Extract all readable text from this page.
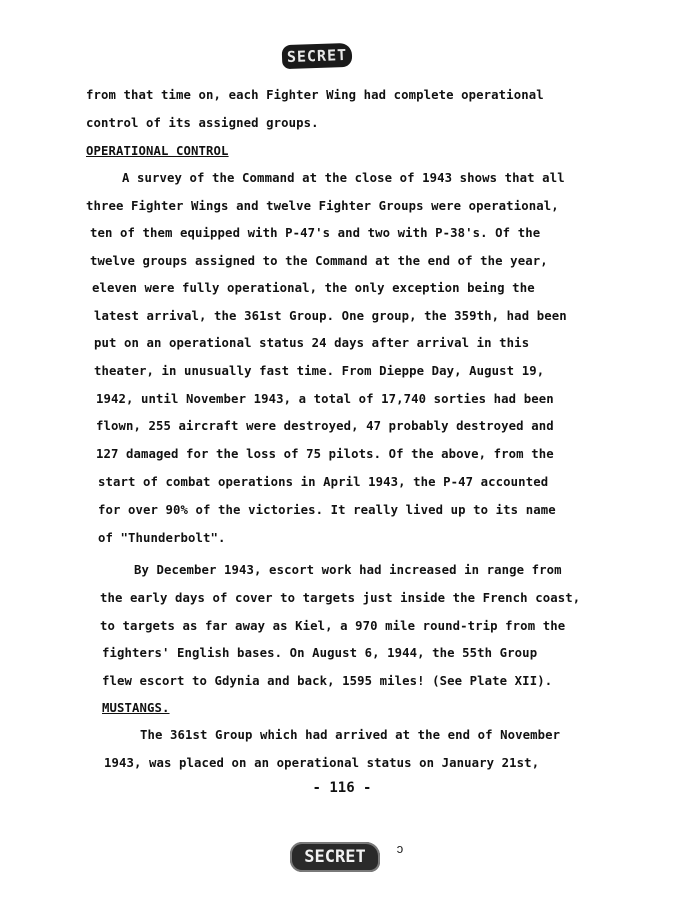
SECRET
from that time on, each Fighter Wing had complete operational
control of its assigned groups.
OPERATIONAL CONTROL
A survey of the Command at the close of 1943 shows that all
three Fighter Wings and twelve Fighter Groups were operational,
ten of them equipped with P-47's and two with P-38's. Of the
twelve groups assigned to the Command at the end of the year,
eleven were fully operational, the only exception being the
latest arrival, the 361st Group. One group, the 359th, had been
put on an operational status 24 days after arrival in this
theater, in unusually fast time. From Dieppe Day, August 19,
1942, until November 1943, a total of 17,740 sorties had been
flown, 255 aircraft were destroyed, 47 probably destroyed and
127 damaged for the loss of 75 pilots. Of the above, from the
start of combat operations in April 1943, the P-47 accounted
for over 90% of the victories. It really lived up to its name
of "Thunderbolt".
By December 1943, escort work had increased in range from
the early days of cover to targets just inside the French coast,
to targets as far away as Kiel, a 970 mile round-trip from the
fighters' English bases. On August 6, 1944, the 55th Group
flew escort to Gdynia and back, 1595 miles! (See Plate XII).
MUSTANGS.
The 361st Group which had arrived at the end of November
1943, was placed on an operational status on January 21st,
- 116 -
SECRET	ↄ
